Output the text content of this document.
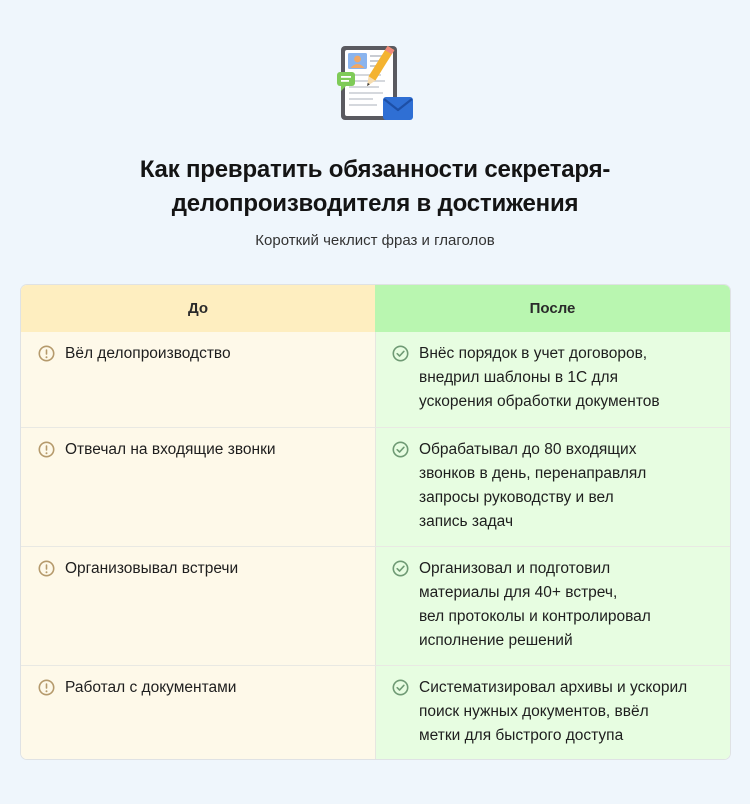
Как превратить обязанности секретаря-
делопроизводителя в достижения
Короткий чеклист фраз и глаголов
До	После
Вёл делопроизводство	Внёс порядок в учет договоров,
внедрил шаблоны в 1С для
ускорения обработки документов
Отвечал на входящие звонки	Обрабатывал до 80 входящих
звонков в день, перенаправлял
запросы руководству и вел
запись задач
Организовывал встречи	Организовал и подготовил
материалы для 40+ встреч,
вел протоколы и контролировал
исполнение решений
Работал с документами	Систематизировал архивы и ускорил
поиск нужных документов, ввёл
метки для быстрого доступа
